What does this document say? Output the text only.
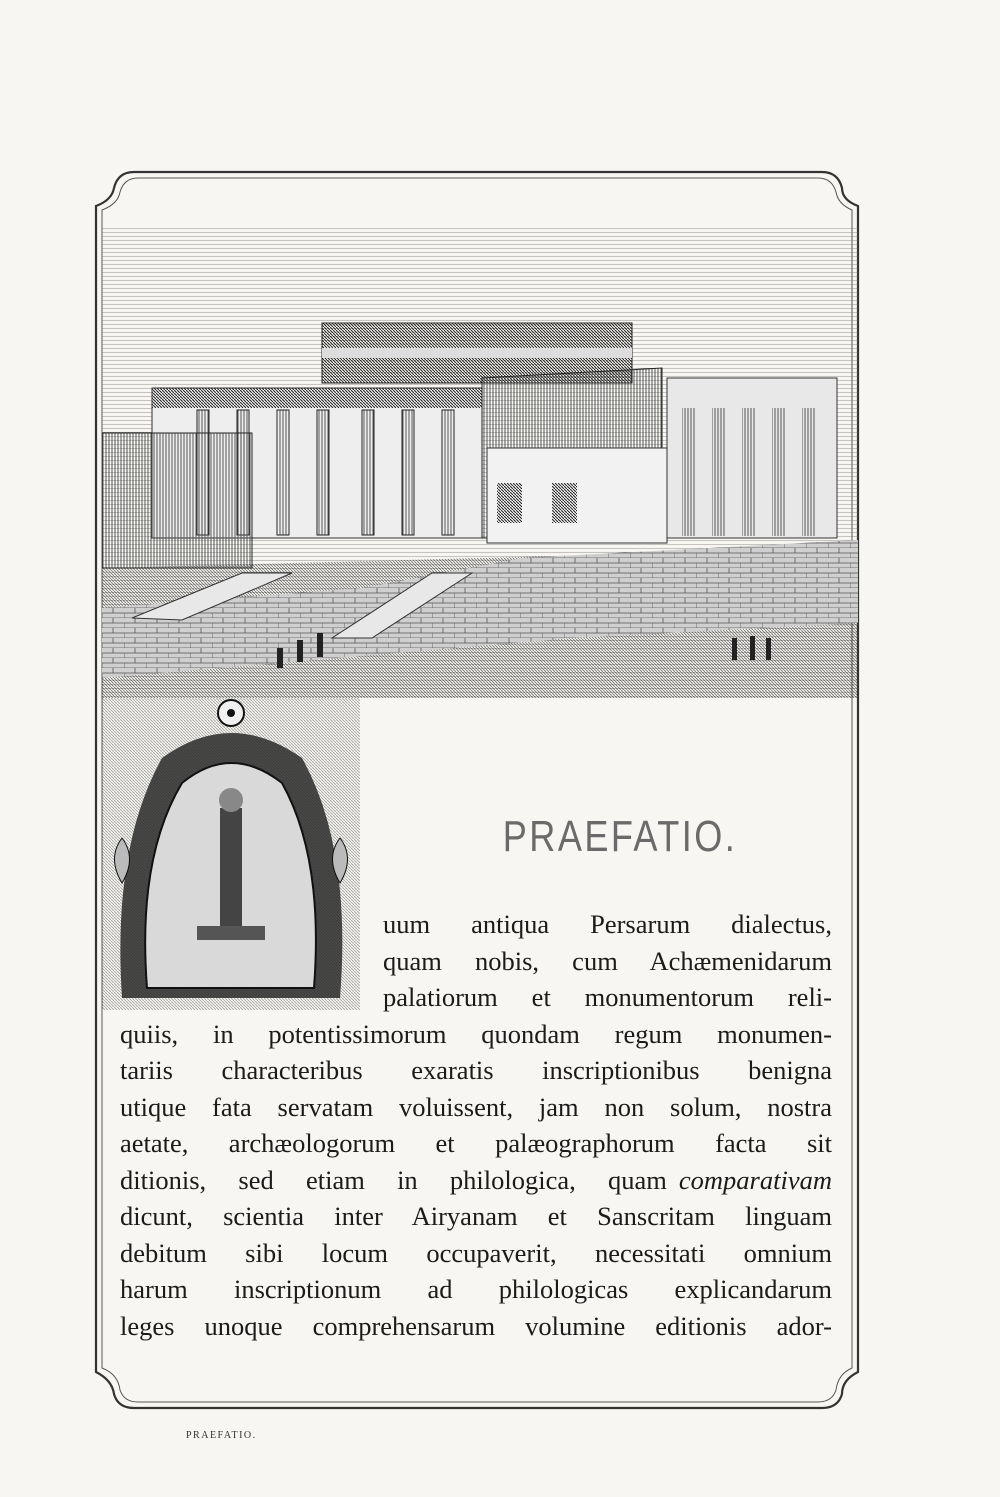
PRAEFATIO.
uum antiqua Persarum dialectus,
quam nobis, cum Achæmenidarum
palatiorum et monumentorum reli-
quiis, in potentissimorum quondam regum monumen-
tariis characteribus exaratis inscriptionibus benigna
utique fata servatam voluissent, jam non solum, nostra
aetate, archæologorum et palæographorum facta sit
ditionis, sed etiam in philologica, quam comparativam
dicunt, scientia inter Airyanam et Sanscritam linguam
debitum sibi locum occupaverit, necessitati omnium
harum inscriptionum ad philologicas explicandarum
leges unoque comprehensarum volumine editionis ador-
PRAEFATIO.
